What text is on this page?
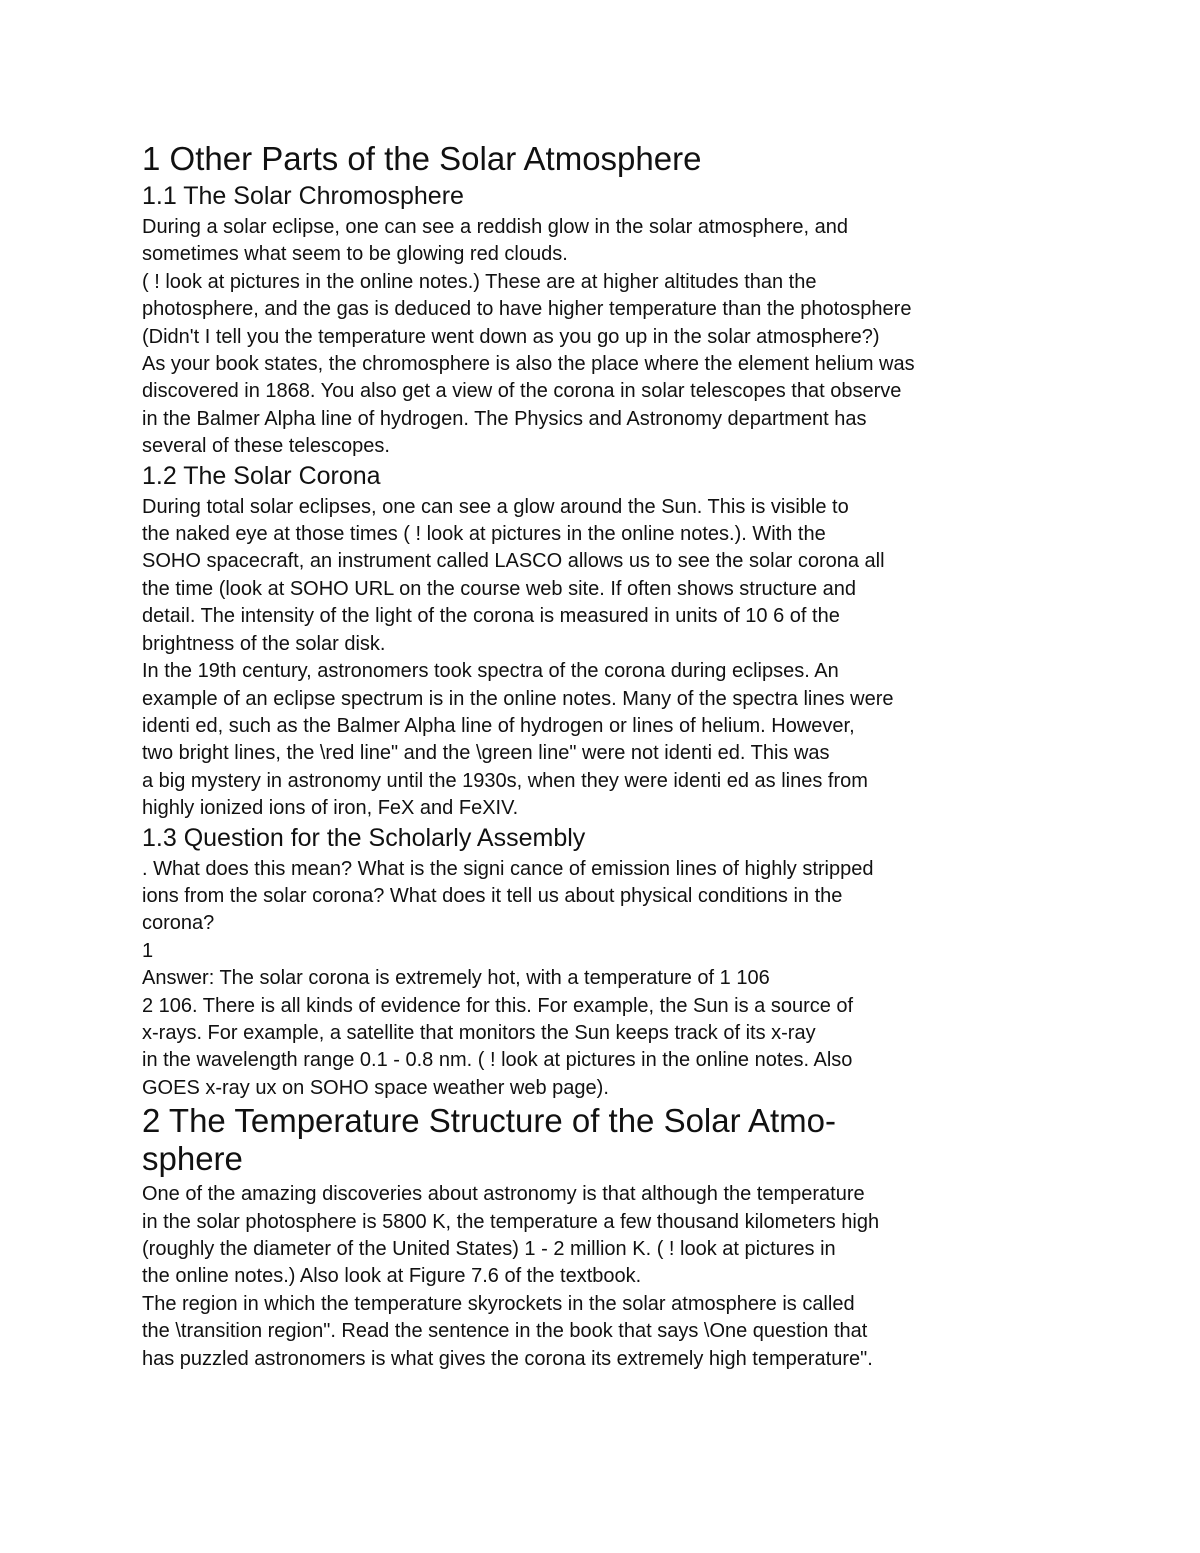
1 Other Parts of the Solar Atmosphere
1.1 The Solar Chromosphere
During a solar eclipse, one can see a reddish glow in the solar atmosphere, and
sometimes what seem to be glowing red clouds.
( ! look at pictures in the online notes.) These are at higher altitudes than the
photosphere, and the gas is deduced to have higher temperature than the photosphere
(Didn't I tell you the temperature went down as you go up in the solar atmosphere?)
As your book states, the chromosphere is also the place where the element helium was
discovered in 1868. You also get a view of the corona in solar telescopes that observe
in the Balmer Alpha line of hydrogen. The Physics and Astronomy department has
several of these telescopes.
1.2 The Solar Corona
During total solar eclipses, one can see a glow around the Sun. This is visible to
the naked eye at those times ( ! look at pictures in the online notes.). With the
SOHO spacecraft, an instrument called LASCO allows us to see the solar corona all
the time (look at SOHO URL on the course web site. If often shows structure and
detail. The intensity of the light of the corona is measured in units of 10 6 of the
brightness of the solar disk.
In the 19th century, astronomers took spectra of the corona during eclipses. An
example of an eclipse spectrum is in the online notes. Many of the spectra lines were
identi ed, such as the Balmer Alpha line of hydrogen or lines of helium. However,
two bright lines, the \red line" and the \green line" were not identi ed. This was
a big mystery in astronomy until the 1930s, when they were identi ed as lines from
highly ionized ions of iron, FeX and FeXIV.
1.3 Question for the Scholarly Assembly
. What does this mean? What is the signi cance of emission lines of highly stripped
ions from the solar corona? What does it tell us about physical conditions in the
corona?
1
Answer: The solar corona is extremely hot, with a temperature of 1 106
2 106. There is all kinds of evidence for this. For example, the Sun is a source of
x-rays. For example, a satellite that monitors the Sun keeps track of its x-ray
in the wavelength range 0.1 - 0.8 nm. ( ! look at pictures in the online notes. Also
GOES x-ray ux on SOHO space weather web page).
2 The Temperature Structure of the Solar Atmo-
sphere
One of the amazing discoveries about astronomy is that although the temperature
in the solar photosphere is 5800 K, the temperature a few thousand kilometers high
(roughly the diameter of the United States) 1 - 2 million K. ( ! look at pictures in
the online notes.) Also look at Figure 7.6 of the textbook.
The region in which the temperature skyrockets in the solar atmosphere is called
the \transition region". Read the sentence in the book that says \One question that
has puzzled astronomers is what gives the corona its extremely high temperature".
